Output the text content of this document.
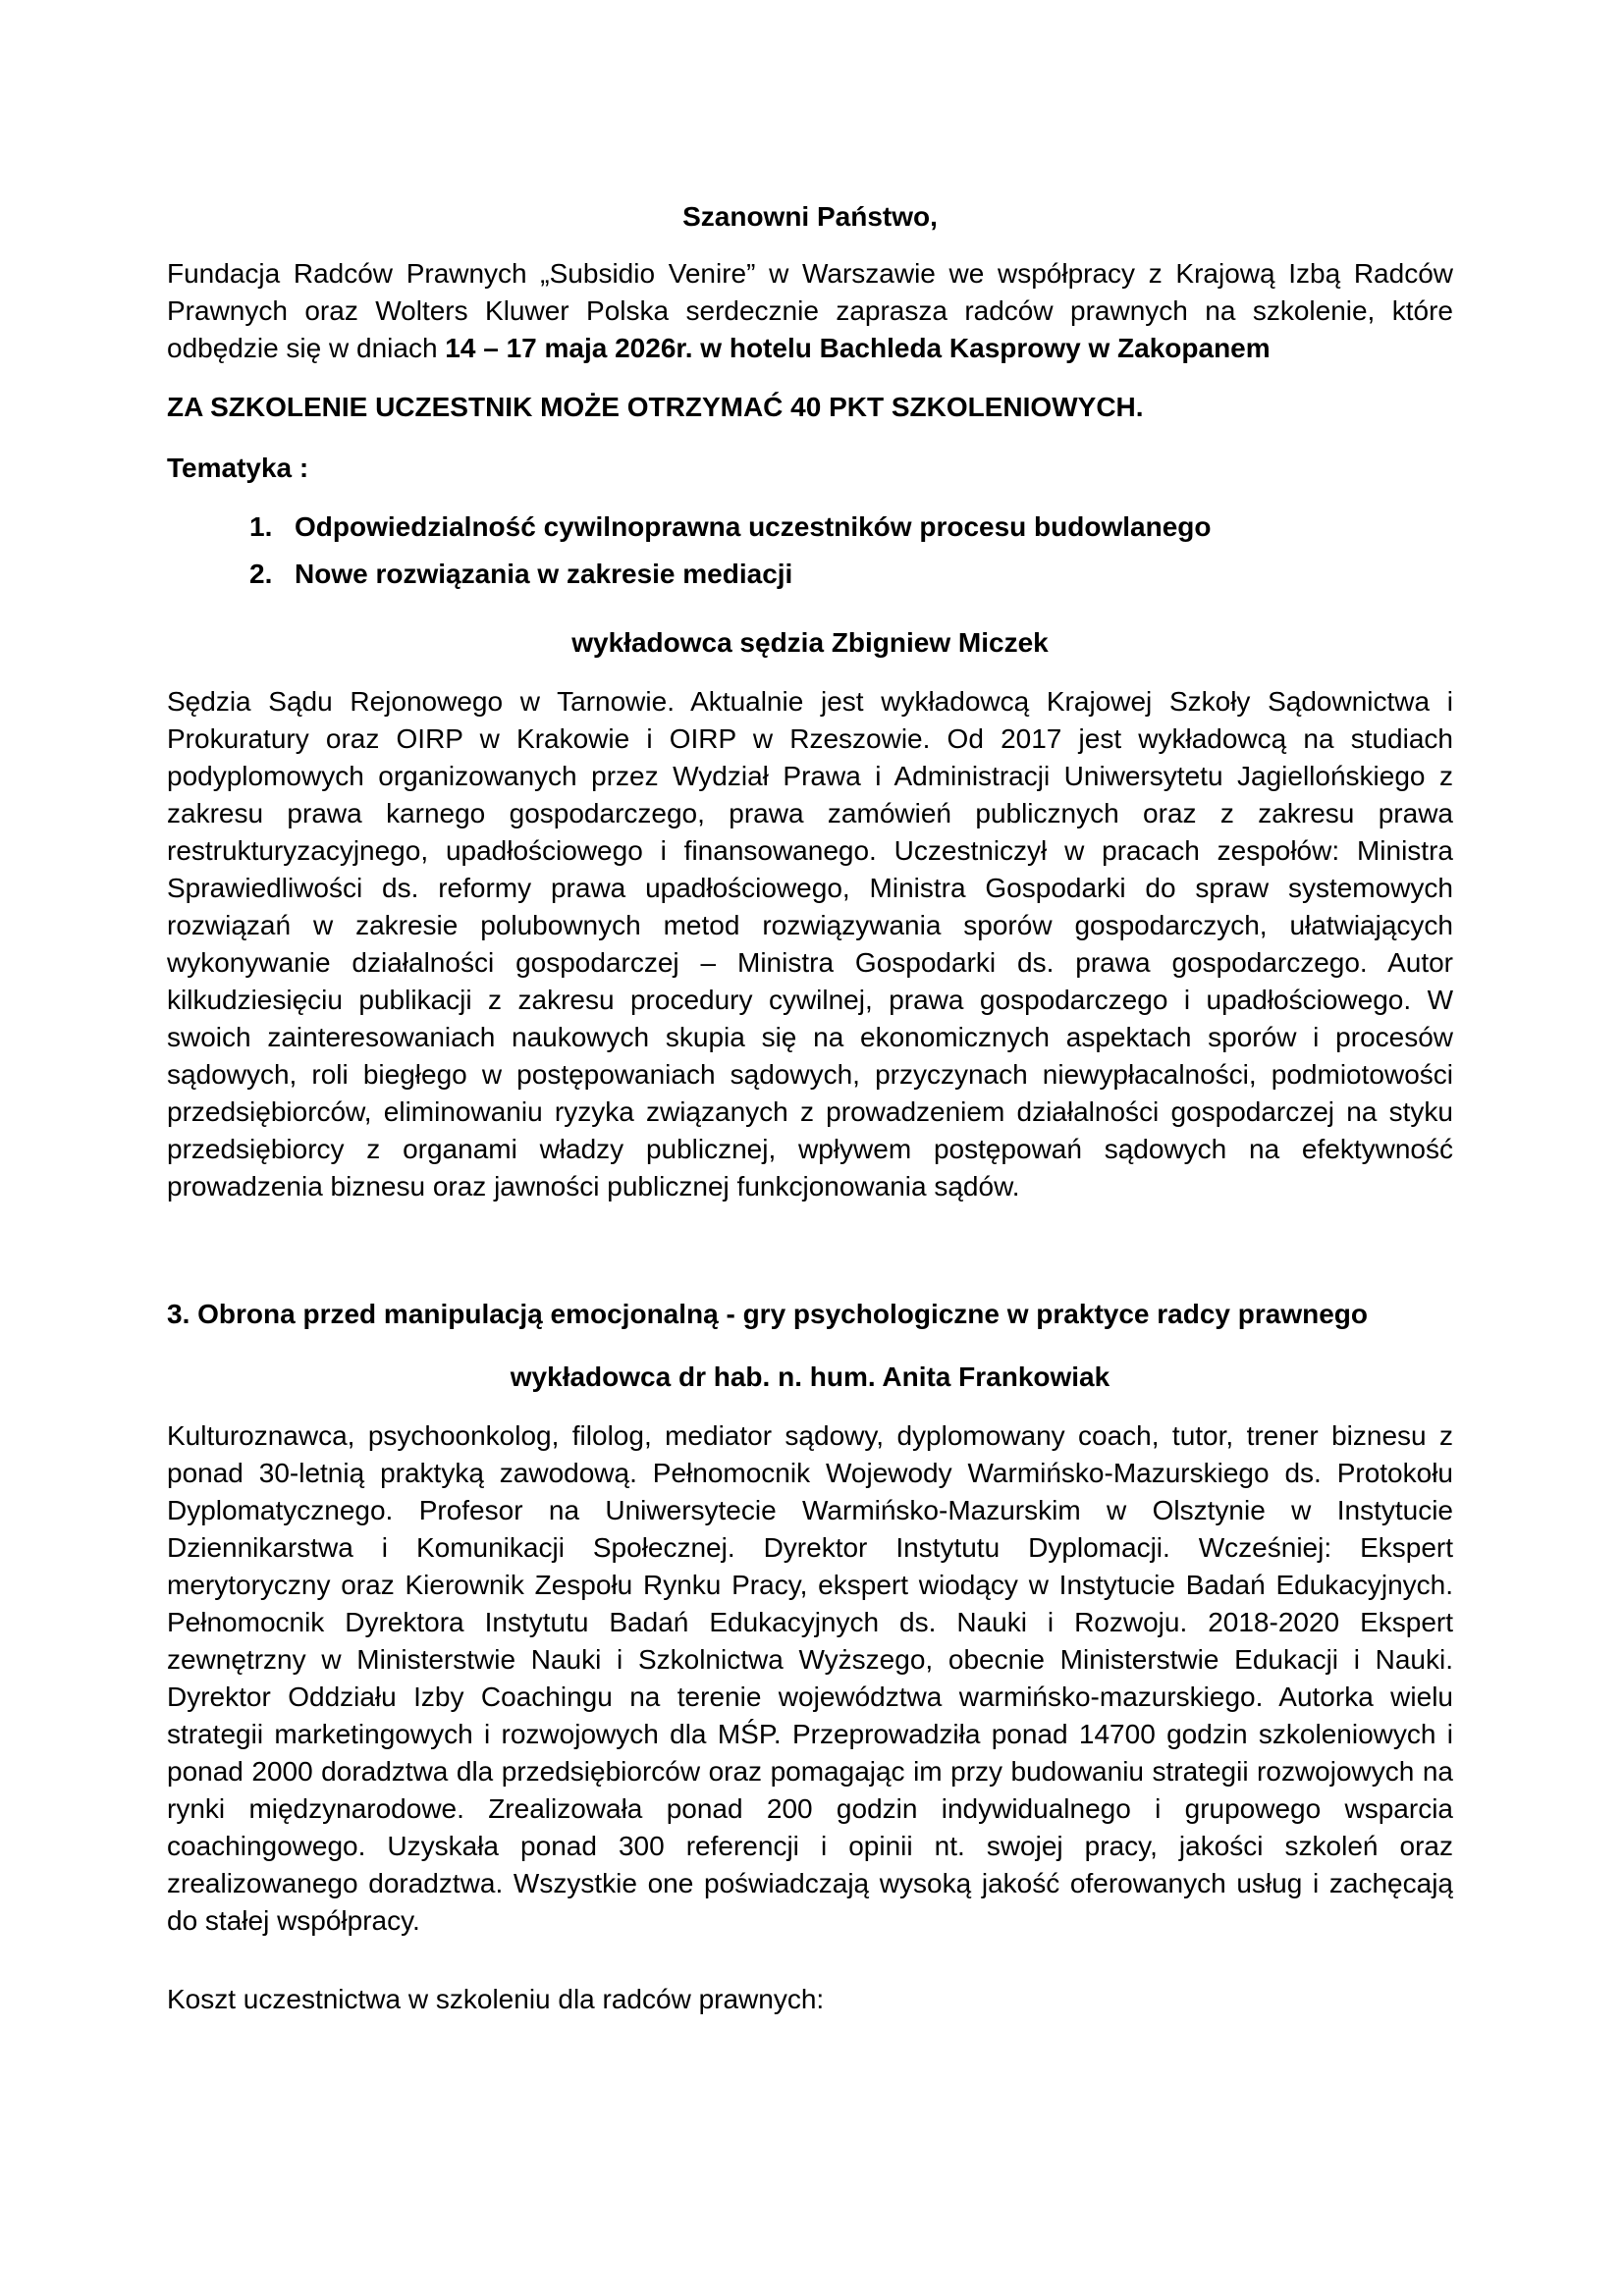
Szanowni Państwo,

Fundacja Radców Prawnych „Subsidio Venire” w Warszawie we współpracy z Krajową Izbą Radców Prawnych oraz Wolters Kluwer Polska serdecznie zaprasza radców prawnych na szkolenie, które odbędzie się w dniach 14 – 17 maja 2026r. w hotelu Bachleda Kasprowy w Zakopanem

ZA SZKOLENIE UCZESTNIK MOŻE OTRZYMAĆ 40 PKT SZKOLENIOWYCH.

Tematyka :

1. Odpowiedzialność cywilnoprawna uczestników procesu budowlanego
2. Nowe rozwiązania w zakresie mediacji

wykładowca sędzia Zbigniew Miczek

Sędzia Sądu Rejonowego w Tarnowie. Aktualnie jest wykładowcą Krajowej Szkoły Sądownictwa i Prokuratury oraz OIRP w Krakowie i OIRP w Rzeszowie. Od 2017 jest wykładowcą na studiach podyplomowych organizowanych przez Wydział Prawa i Administracji Uniwersytetu Jagiellońskiego z zakresu prawa karnego gospodarczego, prawa zamówień publicznych oraz z zakresu prawa restrukturyzacyjnego, upadłościowego i finansowanego. Uczestniczył w pracach zespołów: Ministra Sprawiedliwości ds. reformy prawa upadłościowego, Ministra Gospodarki do spraw systemowych rozwiązań w zakresie polubownych metod rozwiązywania sporów gospodarczych, ułatwiających wykonywanie działalności gospodarczej – Ministra Gospodarki ds. prawa gospodarczego. Autor kilkudziesięciu publikacji z zakresu procedury cywilnej, prawa gospodarczego i upadłościowego. W swoich zainteresowaniach naukowych skupia się na ekonomicznych aspektach sporów i procesów sądowych, roli biegłego w postępowaniach sądowych, przyczynach niewypłacalności, podmiotowości przedsiębiorców, eliminowaniu ryzyka związanych z prowadzeniem działalności gospodarczej na styku przedsiębiorcy z organami władzy publicznej, wpływem postępowań sądowych na efektywność prowadzenia biznesu oraz jawności publicznej funkcjonowania sądów.

3. Obrona przed manipulacją emocjonalną - gry psychologiczne w praktyce radcy prawnego

wykładowca dr hab. n. hum. Anita Frankowiak

Kulturoznawca, psychoonkolog, filolog, mediator sądowy, dyplomowany coach, tutor, trener biznesu z ponad 30-letnią praktyką zawodową. Pełnomocnik Wojewody Warmińsko-Mazurskiego ds. Protokołu Dyplomatycznego. Profesor na Uniwersytecie Warmińsko-Mazurskim w Olsztynie w Instytucie Dziennikarstwa i Komunikacji Społecznej. Dyrektor Instytutu Dyplomacji. Wcześniej: Ekspert merytoryczny oraz Kierownik Zespołu Rynku Pracy, ekspert wiodący w Instytucie Badań Edukacyjnych. Pełnomocnik Dyrektora Instytutu Badań Edukacyjnych ds. Nauki i Rozwoju. 2018-2020 Ekspert zewnętrzny w Ministerstwie Nauki i Szkolnictwa Wyższego, obecnie Ministerstwie Edukacji i Nauki. Dyrektor Oddziału Izby Coachingu na terenie województwa warmińsko-mazurskiego. Autorka wielu strategii marketingowych i rozwojowych dla MŚP. Przeprowadziła ponad 14700 godzin szkoleniowych i ponad 2000 doradztwa dla przedsiębiorców oraz pomagając im przy budowaniu strategii rozwojowych na rynki międzynarodowe. Zrealizowała ponad 200 godzin indywidualnego i grupowego wsparcia coachingowego. Uzyskała ponad 300 referencji i opinii nt. swojej pracy, jakości szkoleń oraz zrealizowanego doradztwa. Wszystkie one poświadczają wysoką jakość oferowanych usług i zachęcają do stałej współpracy.

Koszt uczestnictwa w szkoleniu dla radców prawnych:
